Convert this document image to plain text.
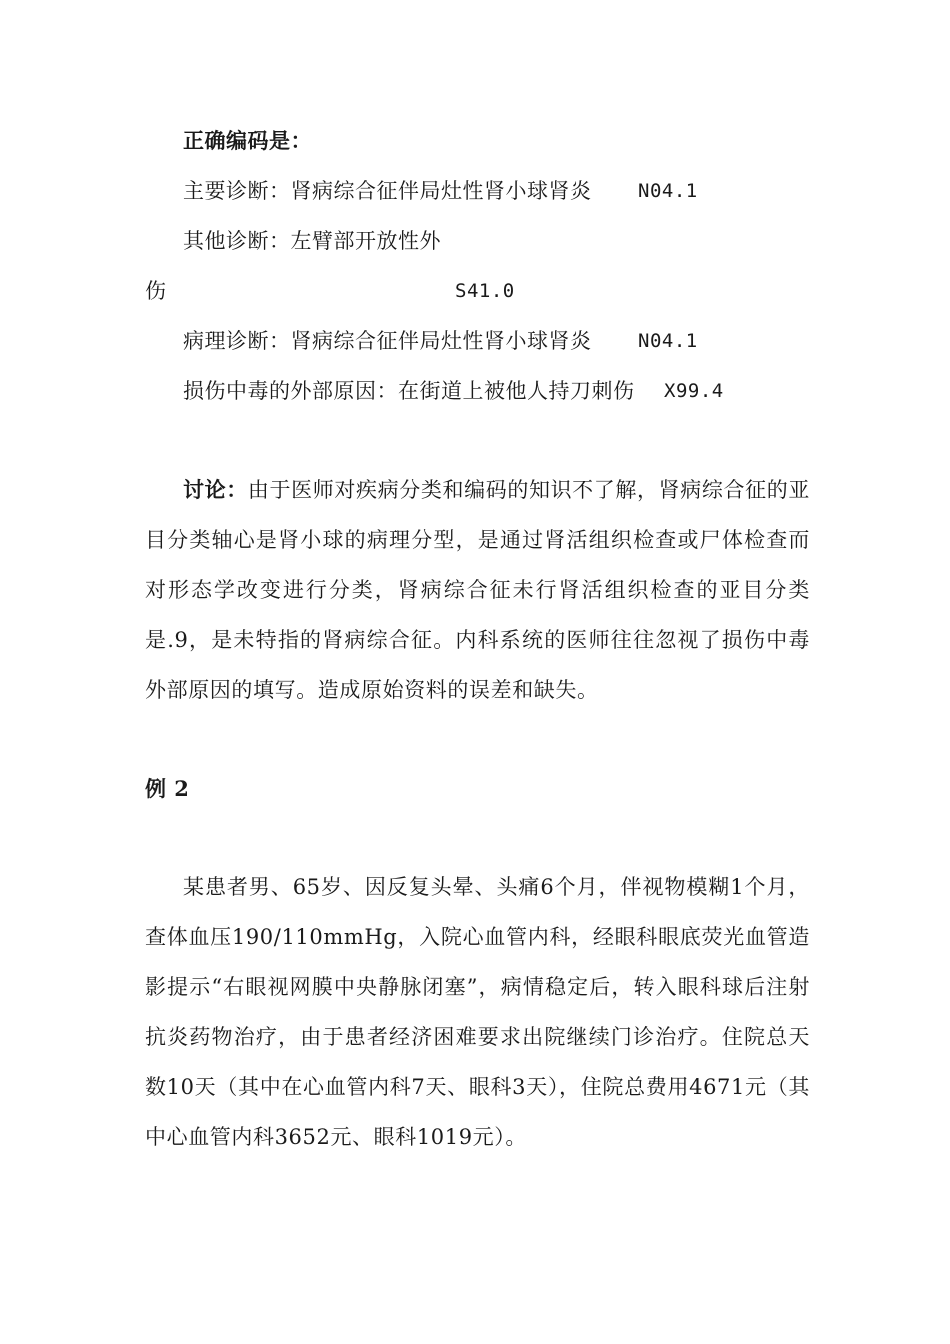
正确编码是：
主要诊断：肾病综合征伴局灶性肾小球肾炎 N04.1
其他诊断：左臂部开放性外
伤	S41.0
病理诊断：肾病综合征伴局灶性肾小球肾炎 N04.1
损伤中毒的外部原因：在街道上被他人持刀刺伤 X99.4

讨论：由于医师对疾病分类和编码的知识不了解，肾病综合征的亚目分类轴心是肾小球的病理分型，是通过肾活组织检查或尸体检查而对形态学改变进行分类，肾病综合征未行肾活组织检查的亚目分类是.9，是未特指的肾病综合征。内科系统的医师往往忽视了损伤中毒外部原因的填写。造成原始资料的误差和缺失。

例 2

某患者男、65岁、因反复头晕、头痛6个月，伴视物模糊1个月，查体血压190/110mmHg，入院心血管内科，经眼科眼底荧光血管造影提示“右眼视网膜中央静脉闭塞”，病情稳定后，转入眼科球后注射抗炎药物治疗，由于患者经济困难要求出院继续门诊治疗。住院总天数10天（其中在心血管内科7天、眼科3天），住院总费用4671元（其中心血管内科3652元、眼科1019元）。
